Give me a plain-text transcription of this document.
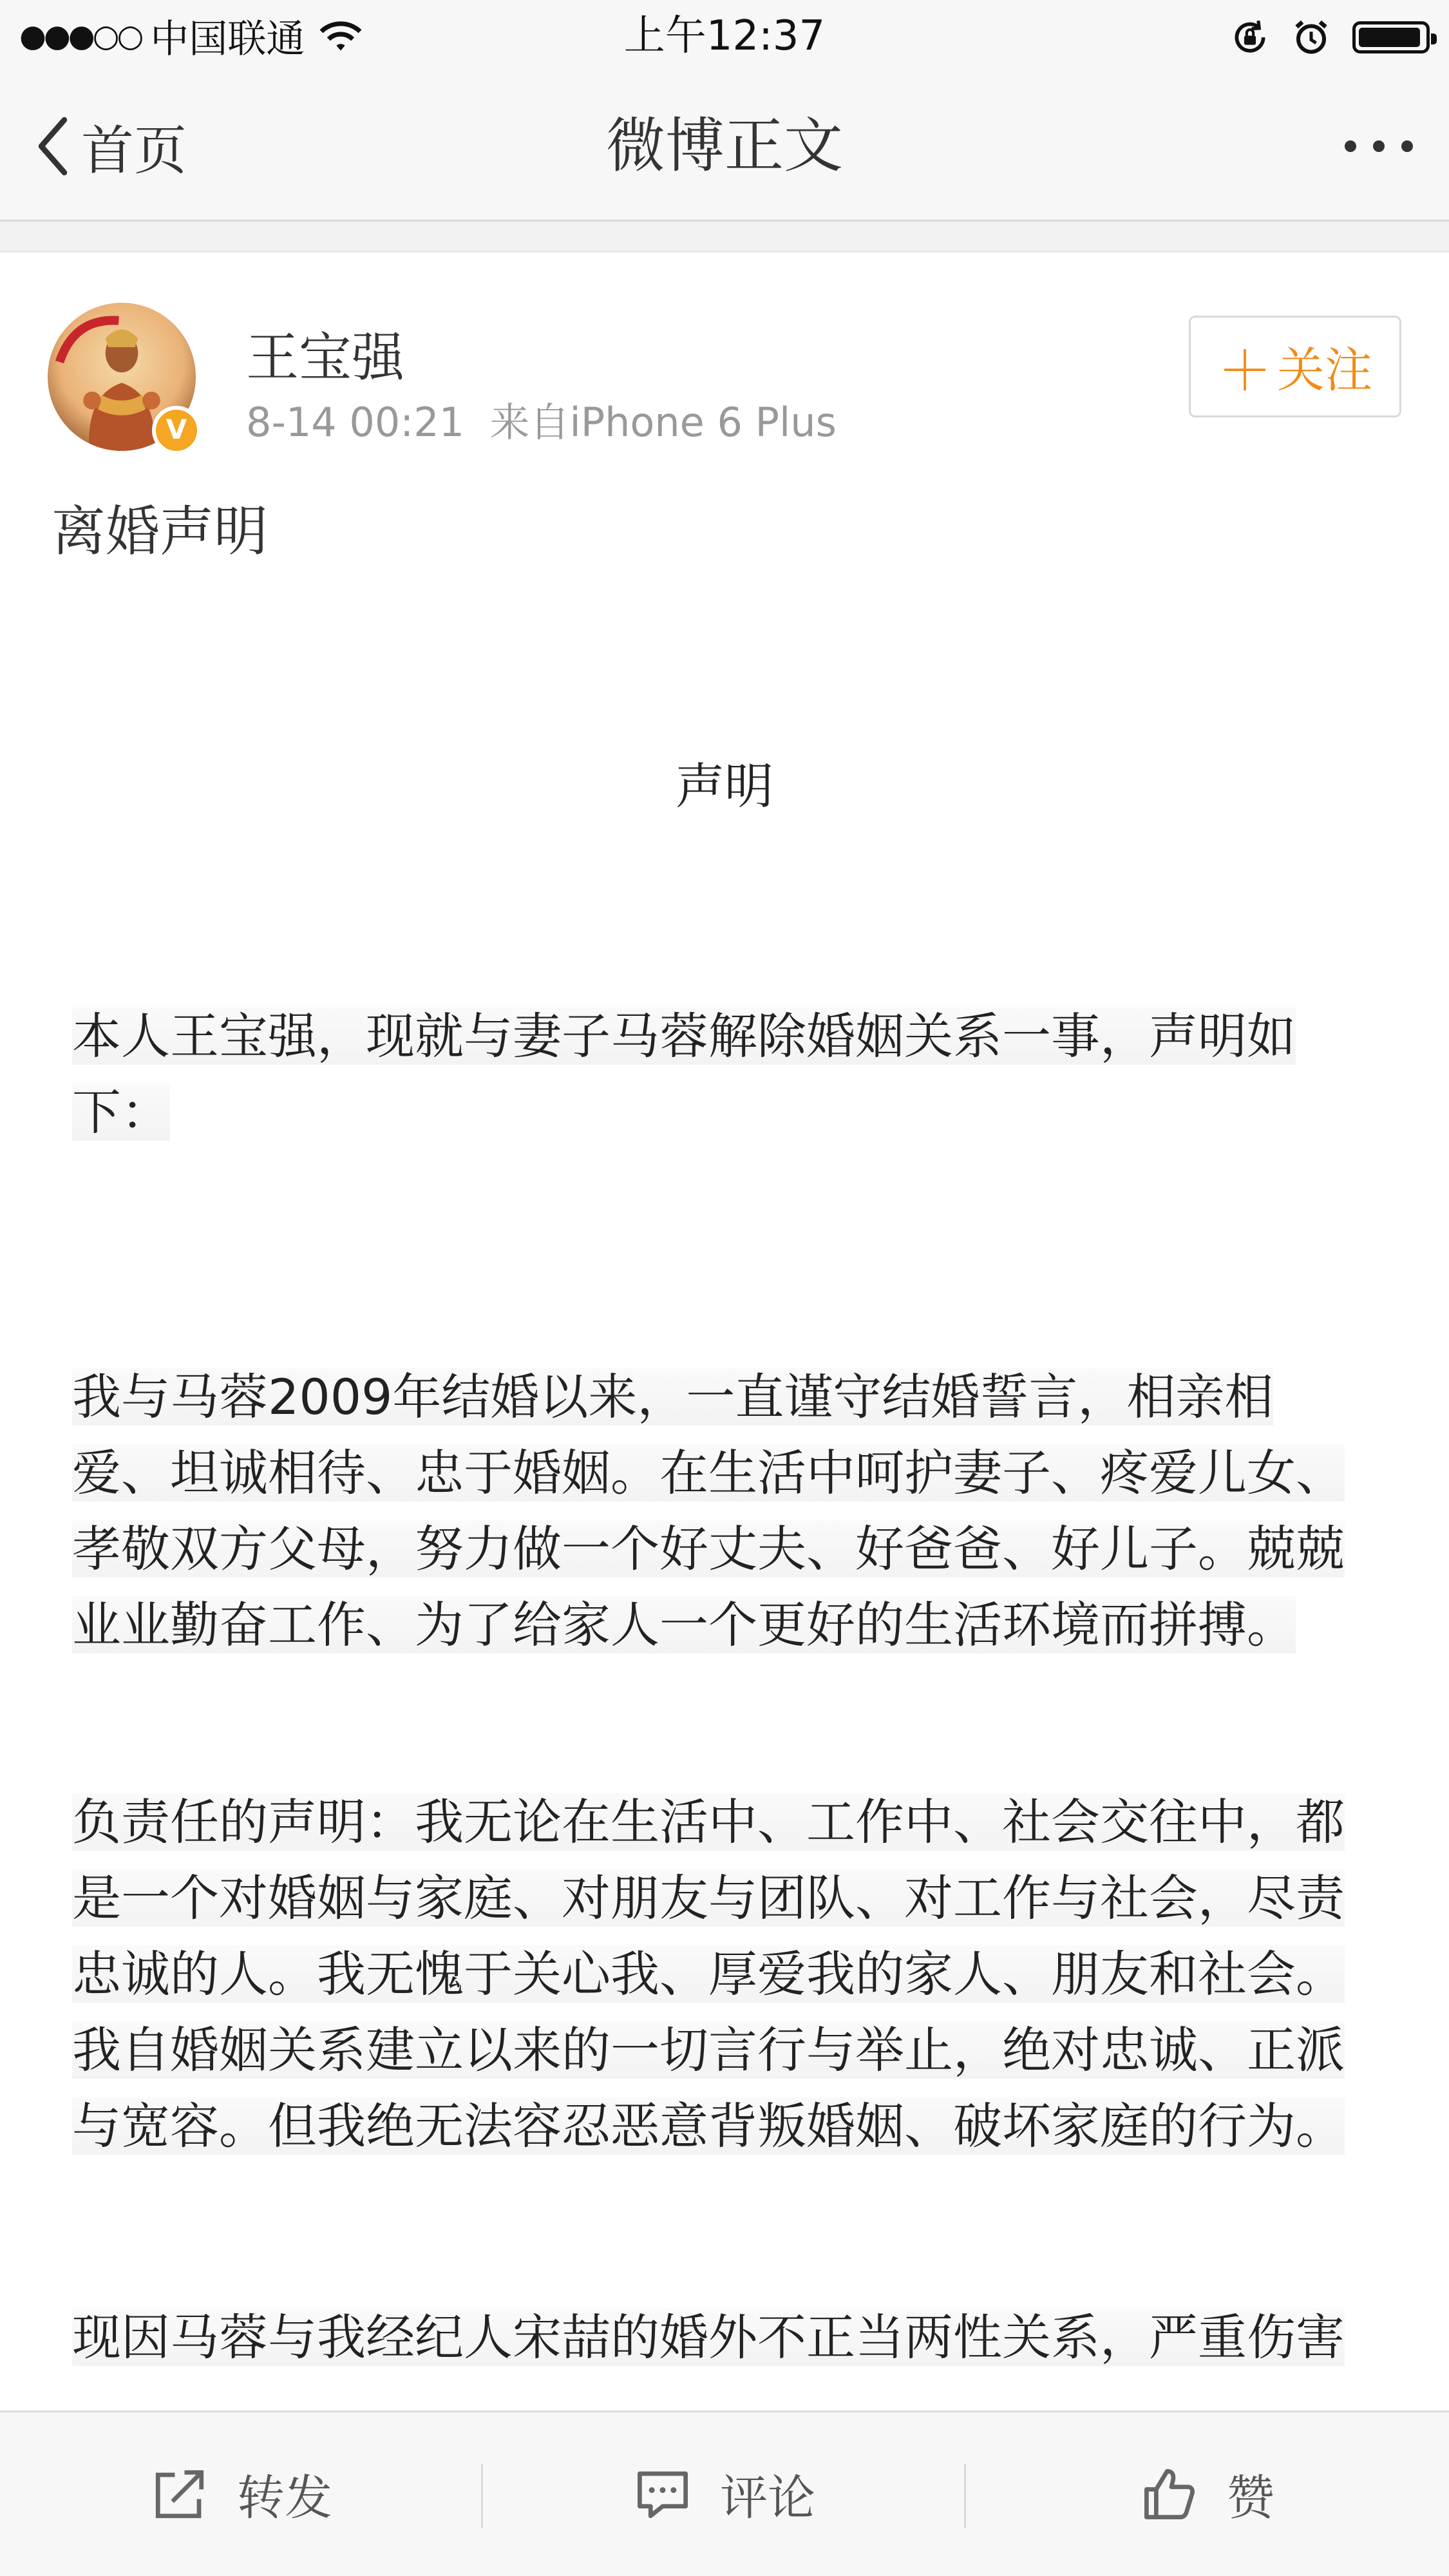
●●●○○ 中国联通	上午12:37
首页	微博正文
V
王宝强
8-14 00:21 来自iPhone 6 Plus
＋ 关注
离婚声明
声明
本人王宝强，现就与妻子马蓉解除婚姻关系一事，声明如下：
我与马蓉2009年结婚以来，一直谨守结婚誓言，相亲相爱、坦诚相待、忠于婚姻。在生活中呵护妻子、疼爱儿女、孝敬双方父母，努力做一个好丈夫、好爸爸、好儿子。兢兢业业勤奋工作、为了给家人一个更好的生活环境而拼搏。
负责任的声明：我无论在生活中、工作中、社会交往中，都是一个对婚姻与家庭、对朋友与团队、对工作与社会，尽责忠诚的人。我无愧于关心我、厚爱我的家人、朋友和社会。我自婚姻关系建立以来的一切言行与举止，绝对忠诚、正派与宽容。但我绝无法容忍恶意背叛婚姻、破坏家庭的行为。
现因马蓉与我经纪人宋喆的婚外不正当两性关系，严重伤害
转发	评论	赞
